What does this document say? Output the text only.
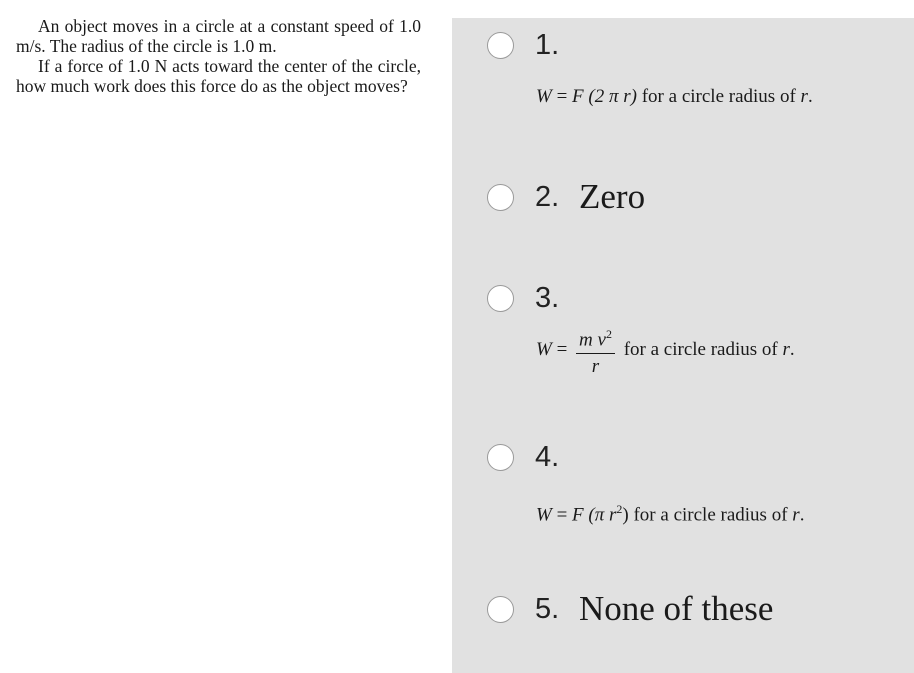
An object moves in a circle at a constant speed of 1.0 m/s. The radius of the circle is 1.0 m.

If a force of 1.0 N acts toward the center of the circle, how much work does this force do as the object moves?

1.
W = F (2 π r) for a circle radius of r.
2. Zero
3.
$W = \frac{m v^2}{r}$ for a circle radius of r.
4.
W = F (π $r^2$) for a circle radius of r.
5. None of these
